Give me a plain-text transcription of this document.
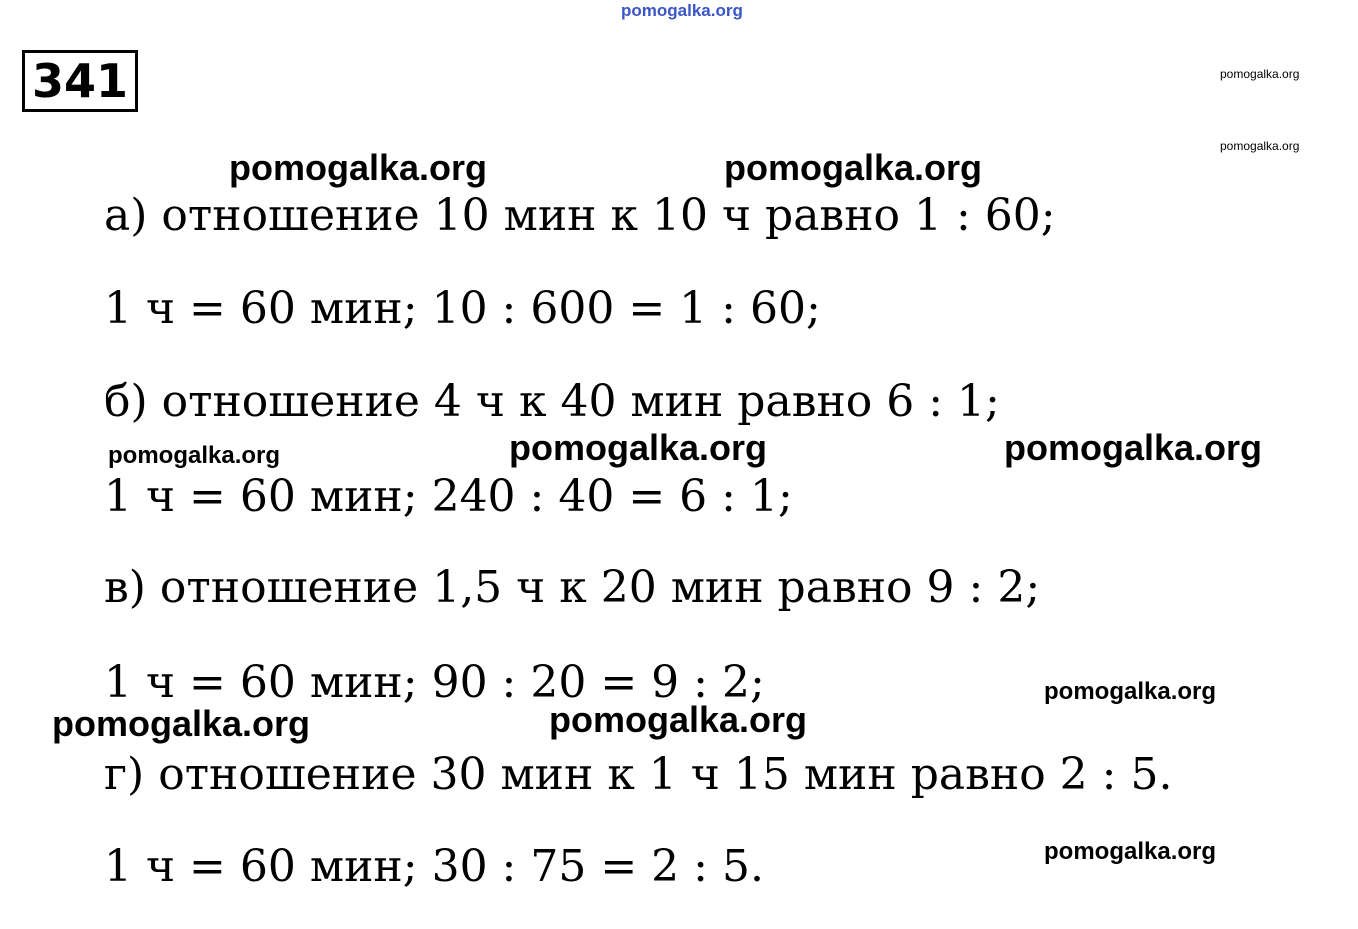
pomogalka.org
pomogalka.org
pomogalka.org
pomogalka.org	pomogalka.org
pomogalka.org	pomogalka.org	pomogalka.org
pomogalka.org
pomogalka.org	pomogalka.org
pomogalka.org
341
а) отношение 10 мин к 10 ч равно 1 : 60;
1 ч = 60 мин; 10 : 600 = 1 : 60;
б) отношение 4 ч к 40 мин равно 6 : 1;
1 ч = 60 мин; 240 : 40 = 6 : 1;
в) отношение 1,5 ч к 20 мин равно 9 : 2;
1 ч = 60 мин; 90 : 20 = 9 : 2;
г) отношение 30 мин к 1 ч 15 мин равно 2 : 5.
1 ч = 60 мин; 30 : 75 = 2 : 5.
